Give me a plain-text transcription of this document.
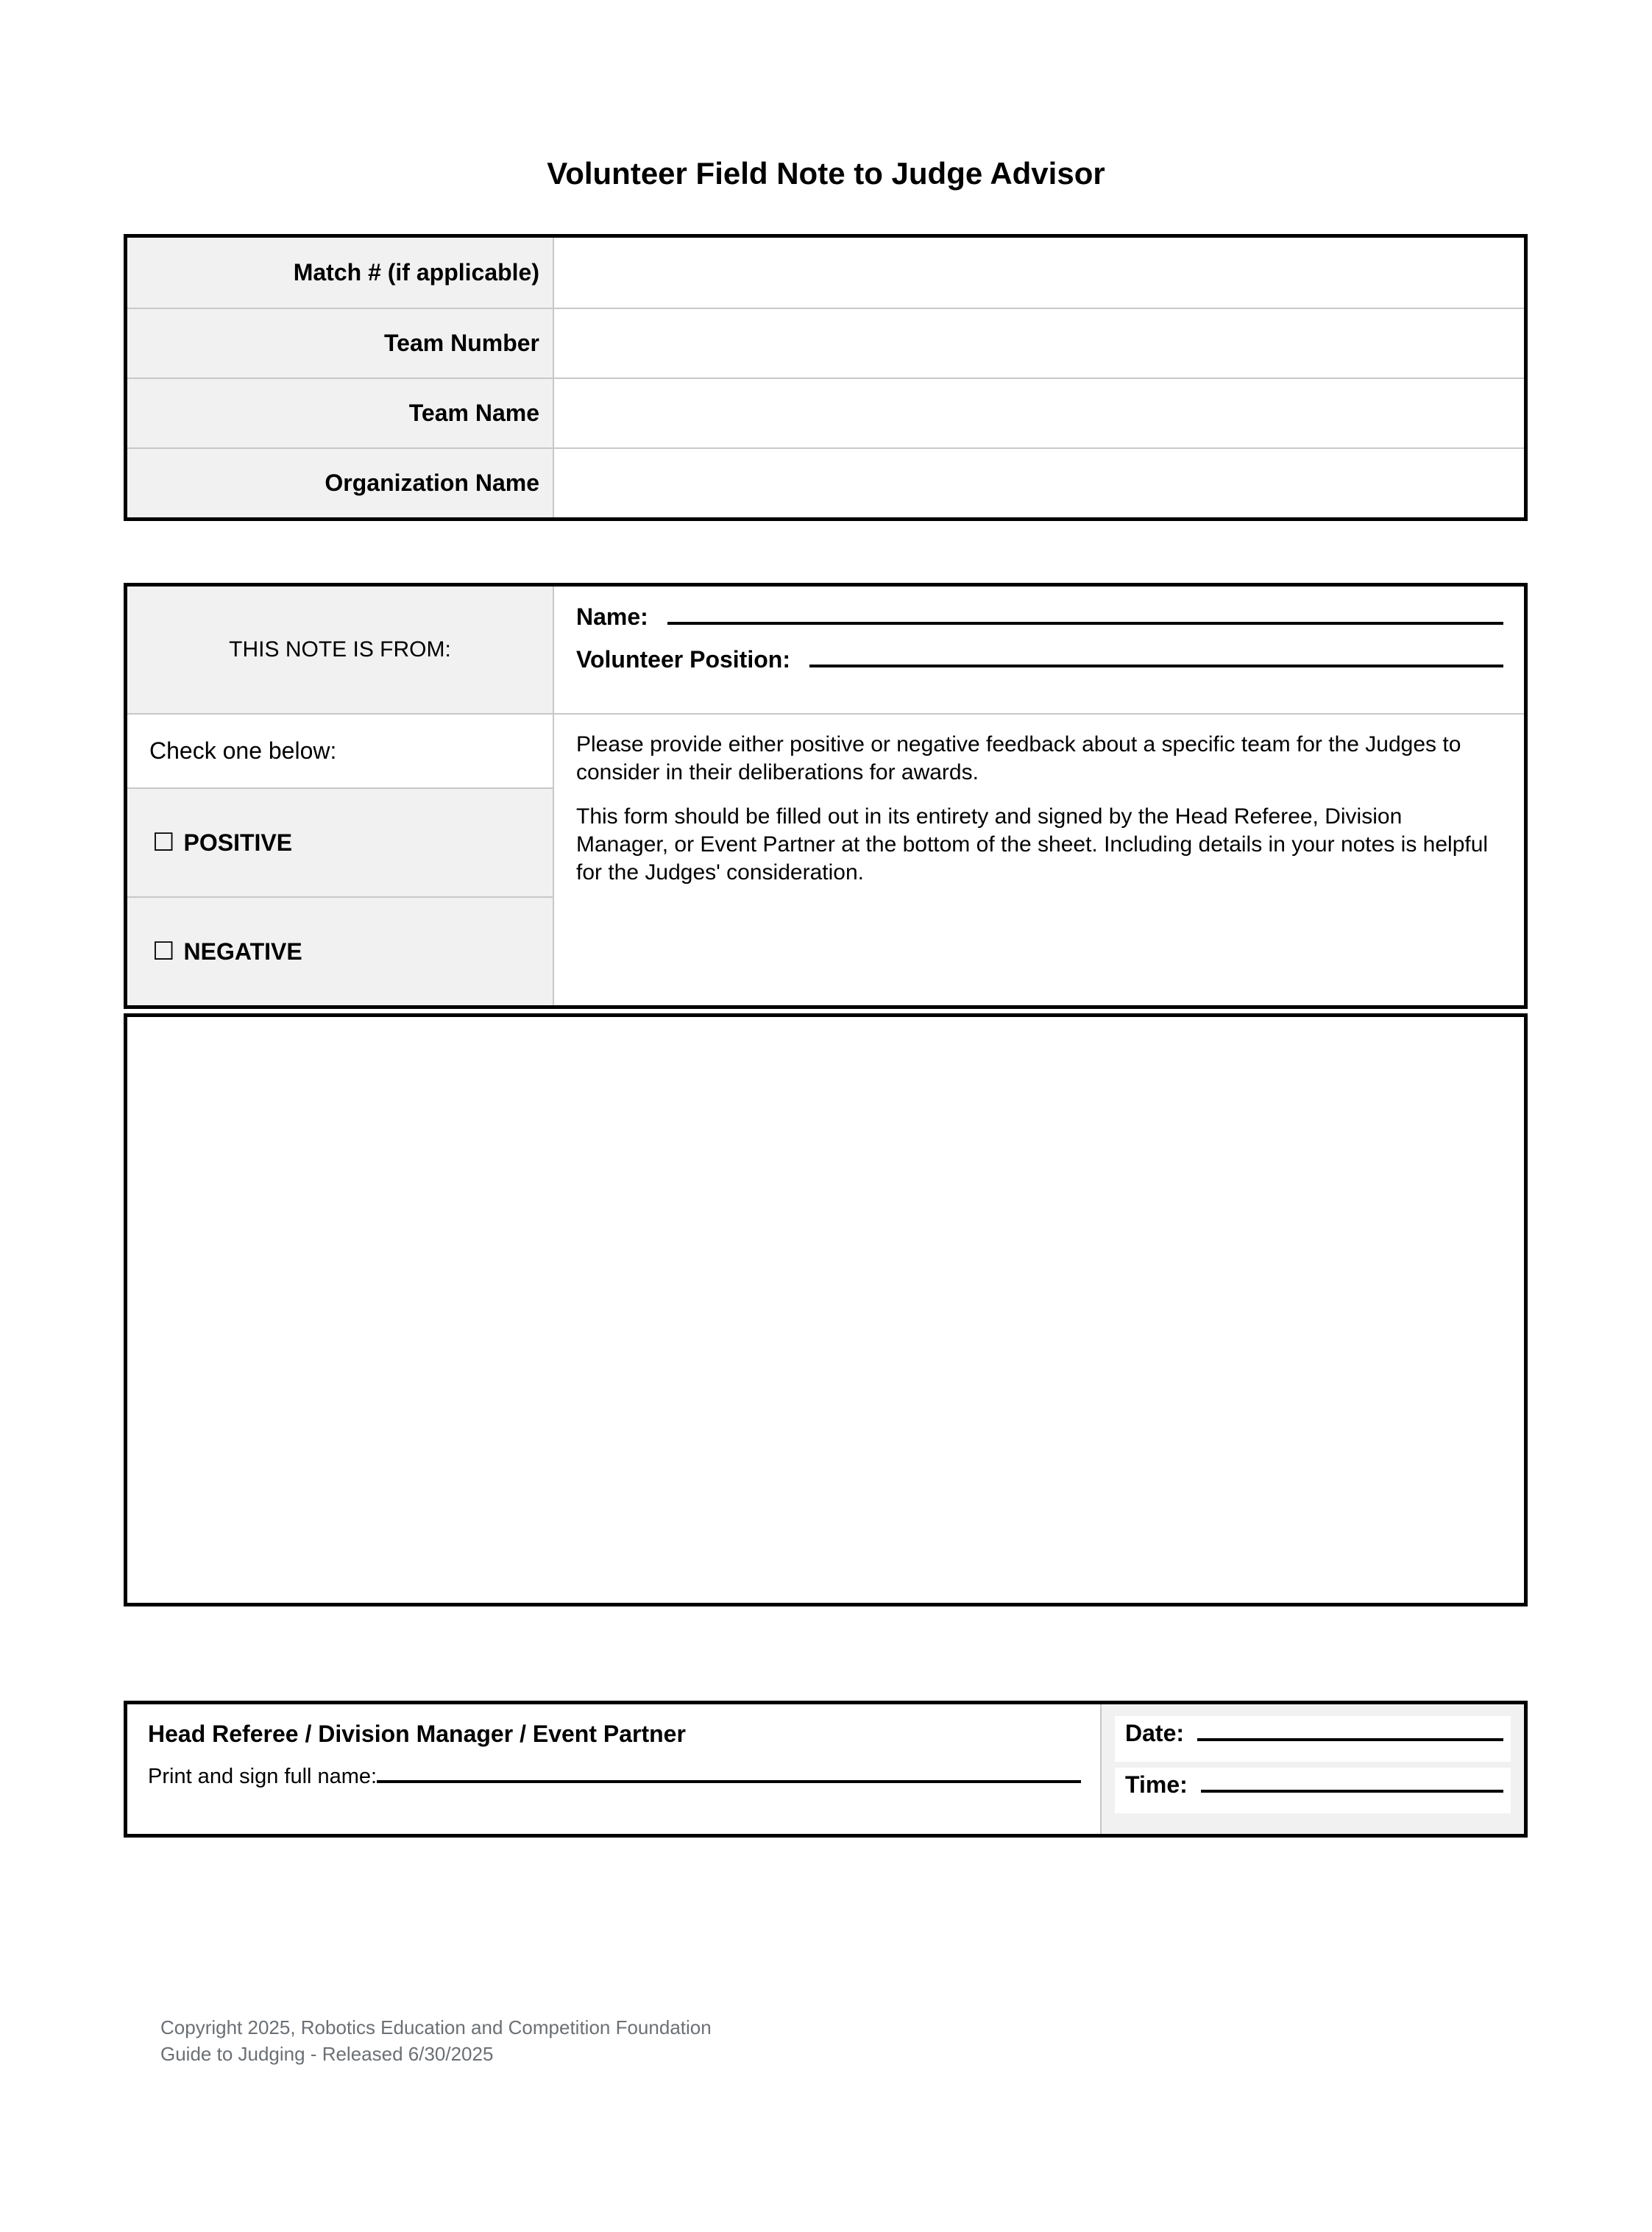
Volunteer Field Note to Judge Advisor
Match # (if applicable)
Team Number
Team Name
Organization Name
THIS NOTE IS FROM:
Name:
Volunteer Position:
Check one below:
☐ POSITIVE
☐ NEGATIVE

Please provide either positive or negative feedback about a specific team for the Judges to consider in their deliberations for awards.

This form should be filled out in its entirety and signed by the Head Referee, Division Manager, or Event Partner at the bottom of the sheet. Including details in your notes is helpful for the Judges' consideration.

Head Referee / Division Manager / Event Partner
Print and sign full name:
Date:
Time:
Copyright 2025, Robotics Education and Competition Foundation
Guide to Judging - Released 6/30/2025
